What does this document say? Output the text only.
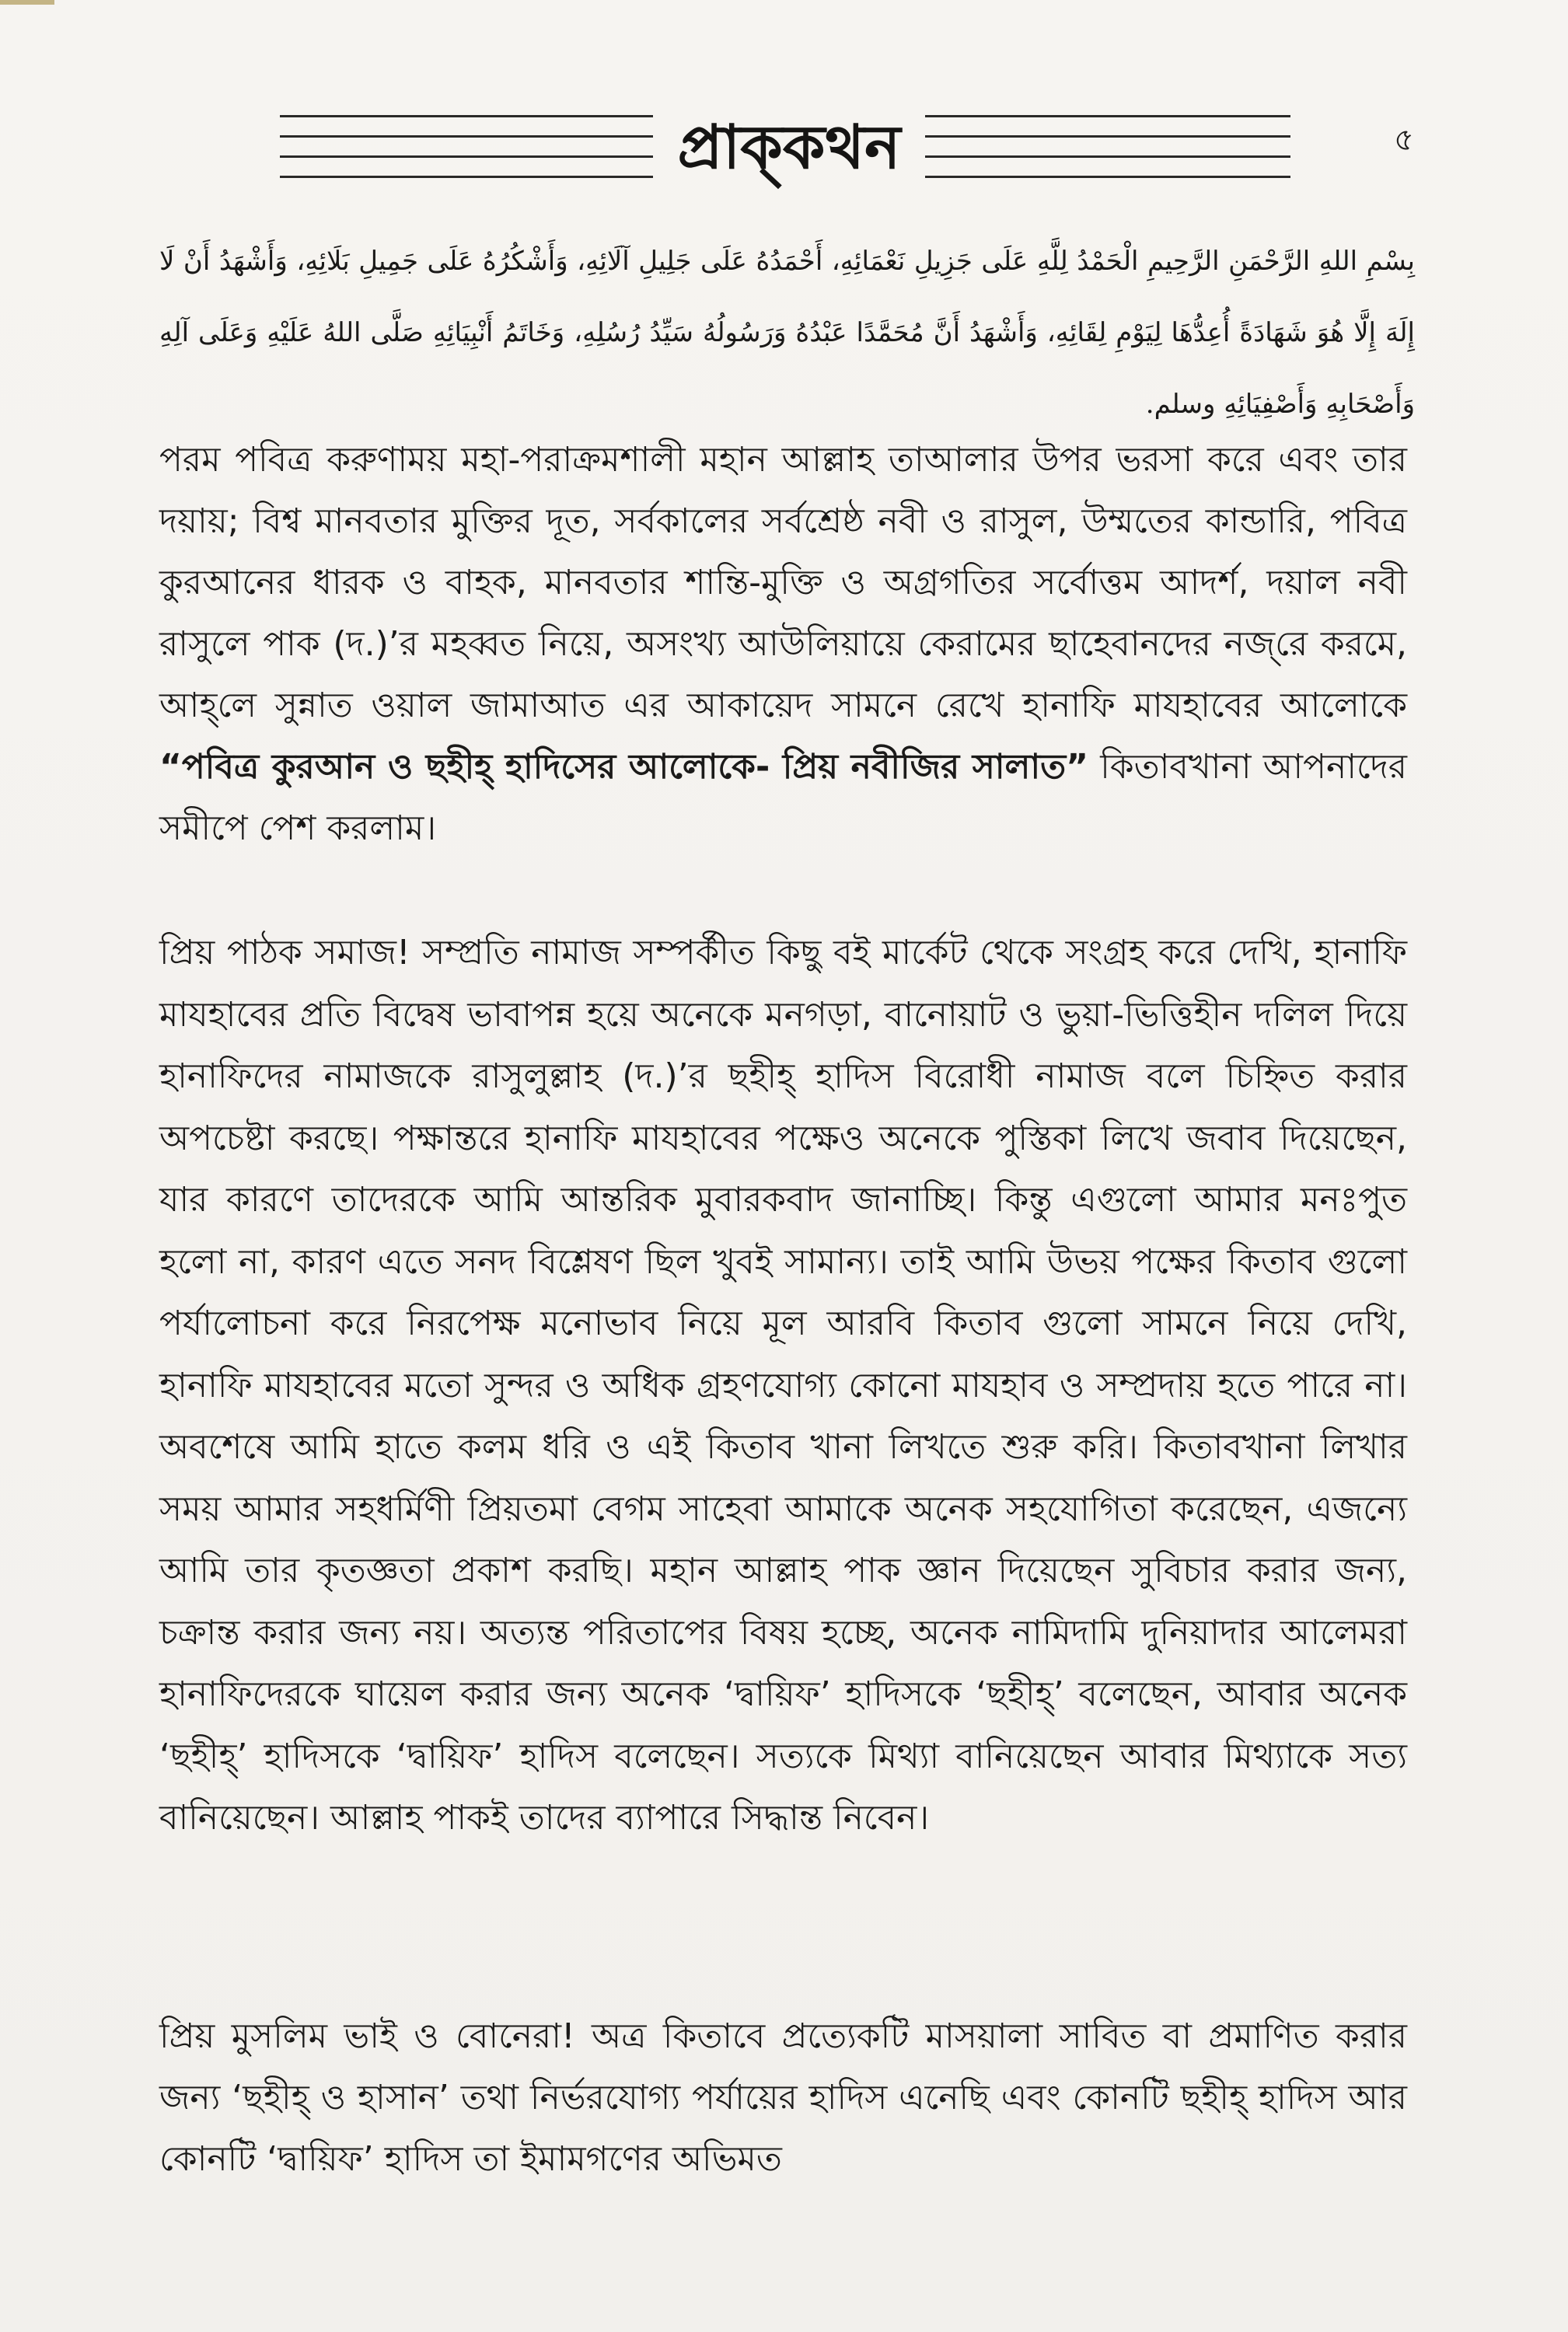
প্রাক্‌কথন	৫
بِسْمِ اللهِ الرَّحْمَنِ الرَّحِيمِ الْحَمْدُ لِلَّهِ عَلَى جَزِيلِ نَعْمَائِهِ، أَحْمَدُهُ عَلَى جَلِيلِ آلَائِهِ، وَأَشْكُرُهُ عَلَى جَمِيلِ بَلَائِهِ، وَأَشْهَدُ أَنْ لَا إِلَهَ إِلَّا هُوَ شَهَادَةً أُعِدُّهَا لِيَوْمِ لِقَائِهِ، وَأَشْهَدُ أَنَّ مُحَمَّدًا عَبْدُهُ وَرَسُولُهُ سَيِّدُ رُسُلِهِ، وَخَاتَمُ أَنْبِيَائِهِ صَلَّى اللهُ عَلَيْهِ وَعَلَى آلِهِ وَأَصْحَابِهِ وَأَصْفِيَائِهِ وسلم.

পরম পবিত্র করুণাময় মহা-পরাক্রমশালী মহান আল্লাহ তাআলার উপর ভরসা করে এবং তার দয়ায়; বিশ্ব মানবতার মুক্তির দূত, সর্বকালের সর্বশ্রেষ্ঠ নবী ও রাসুল, উম্মতের কান্ডারি, পবিত্র কুরআনের ধারক ও বাহক, মানবতার শান্তি-মুক্তি ও অগ্রগতির সর্বোত্তম আদর্শ, দয়াল নবী রাসুলে পাক (দ.)’র মহব্বত নিয়ে, অসংখ্য আউলিয়ায়ে কেরামের ছাহেবানদের নজ্‌রে করমে, আহ্‌লে সুন্নাত ওয়াল জামাআত এর আকায়েদ সামনে রেখে হানাফি মাযহাবের আলোকে “পবিত্র কুরআন ও ছহীহ্‌ হাদিসের আলোকে- প্রিয় নবীজির সালাত” কিতাবখানা আপনাদের সমীপে পেশ করলাম।

প্রিয় পাঠক সমাজ! সম্প্রতি নামাজ সম্পর্কীত কিছু বই মার্কেট থেকে সংগ্রহ করে দেখি, হানাফি মাযহাবের প্রতি বিদ্বেষ ভাবাপন্ন হয়ে অনেকে মনগড়া, বানোয়াট ও ভুয়া-ভিত্তিহীন দলিল দিয়ে হানাফিদের নামাজকে রাসুলুল্লাহ (দ.)’র ছহীহ্‌ হাদিস বিরোধী নামাজ বলে চিহ্নিত করার অপচেষ্টা করছে। পক্ষান্তরে হানাফি মাযহাবের পক্ষেও অনেকে পুস্তিকা লিখে জবাব দিয়েছেন, যার কারণে তাদেরকে আমি আন্তরিক মুবারকবাদ জানাচ্ছি। কিন্তু এগুলো আমার মনঃপুত হলো না, কারণ এতে সনদ বিশ্লেষণ ছিল খুবই সামান্য। তাই আমি উভয় পক্ষের কিতাব গুলো পর্যালোচনা করে নিরপেক্ষ মনোভাব নিয়ে মূল আরবি কিতাব গুলো সামনে নিয়ে দেখি, হানাফি মাযহাবের মতো সুন্দর ও অধিক গ্রহণযোগ্য কোনো মাযহাব ও সম্প্রদায় হতে পারে না। অবশেষে আমি হাতে কলম ধরি ও এই কিতাব খানা লিখতে শুরু করি। কিতাবখানা লিখার সময় আমার সহধর্মিণী প্রিয়তমা বেগম সাহেবা আমাকে অনেক সহযোগিতা করেছেন, এজন্যে আমি তার কৃতজ্ঞতা প্রকাশ করছি। মহান আল্লাহ পাক জ্ঞান দিয়েছেন সুবিচার করার জন্য, চক্রান্ত করার জন্য নয়। অত্যন্ত পরিতাপের বিষয় হচ্ছে, অনেক নামিদামি দুনিয়াদার আলেমরা হানাফিদেরকে ঘায়েল করার জন্য অনেক ‘দ্বায়িফ’ হাদিসকে ‘ছহীহ্‌’ বলেছেন, আবার অনেক ‘ছহীহ্‌’ হাদিসকে ‘দ্বায়িফ’ হাদিস বলেছেন। সত্যকে মিথ্যা বানিয়েছেন আবার মিথ্যাকে সত্য বানিয়েছেন। আল্লাহ পাকই তাদের ব্যাপারে সিদ্ধান্ত নিবেন।

প্রিয় মুসলিম ভাই ও বোনেরা! অত্র কিতাবে প্রত্যেকটি মাসয়ালা সাবিত বা প্রমাণিত করার জন্য ‘ছহীহ্‌ ও হাসান’ তথা নির্ভরযোগ্য পর্যায়ের হাদিস এনেছি এবং কোনটি ছহীহ্‌ হাদিস আর কোনটি ‘দ্বায়িফ’ হাদিস তা ইমামগণের অভিমত
